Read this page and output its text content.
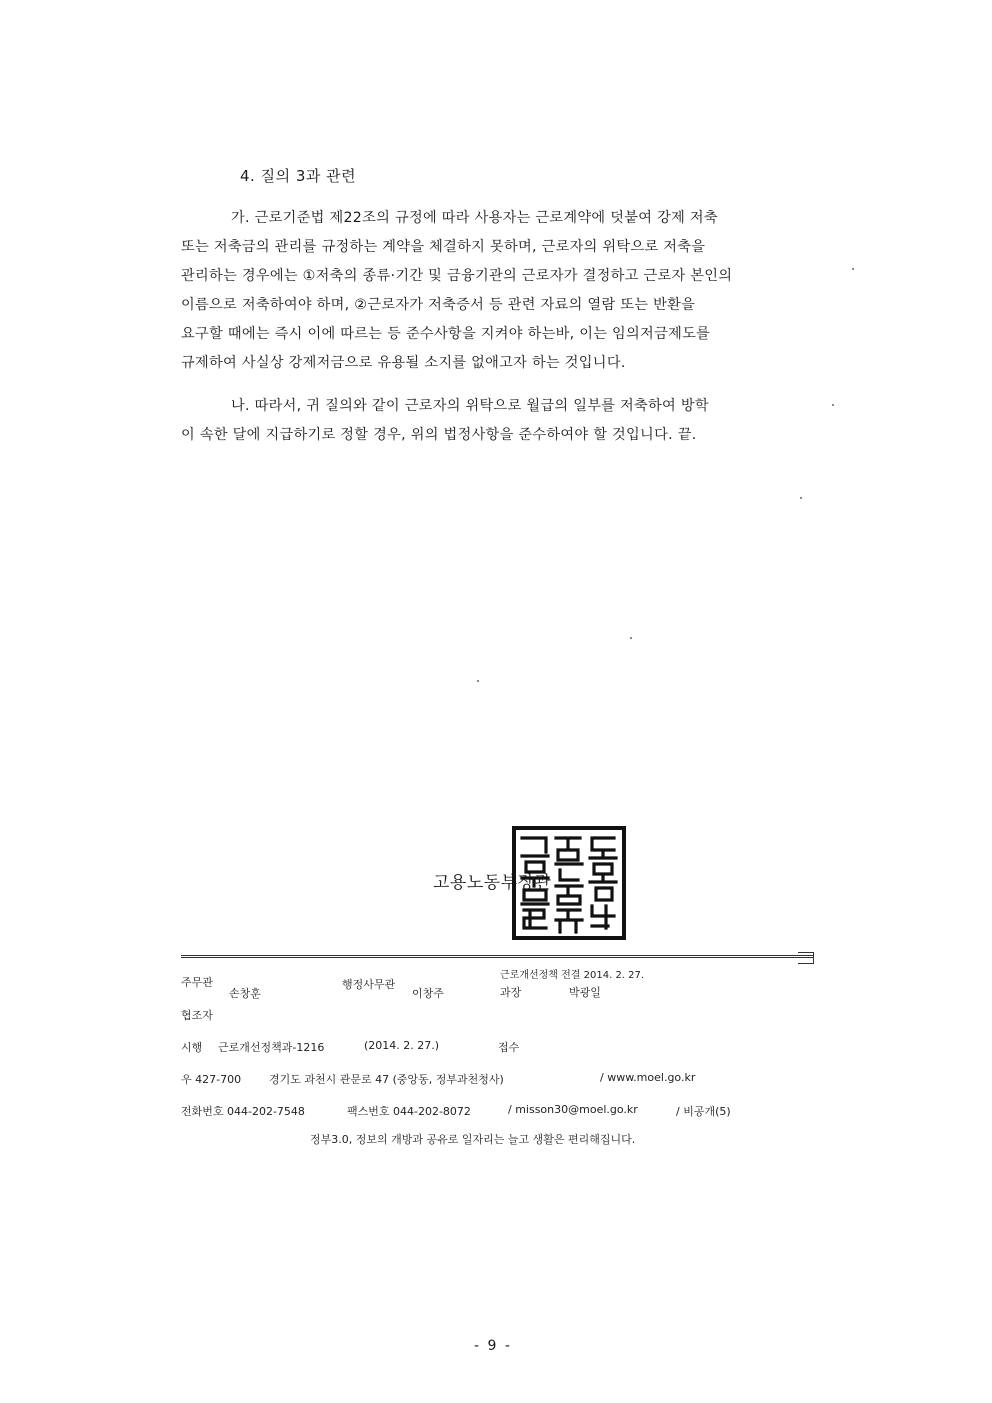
4. 질의 3과 관련
가. 근로기준법 제22조의 규정에 따라 사용자는 근로계약에 덧붙여 강제 저축
또는 저축금의 관리를 규정하는 계약을 체결하지 못하며, 근로자의 위탁으로 저축을
관리하는 경우에는 ①저축의 종류·기간 및 금융기관의 근로자가 결정하고 근로자 본인의
이름으로 저축하여야 하며, ②근로자가 저축증서 등 관련 자료의 열람 또는 반환을
요구할 때에는 즉시 이에 따르는 등 준수사항을 지켜야 하는바, 이는 임의저금제도를
규제하여 사실상 강제저금으로 유용될 소지를 없애고자 하는 것입니다.
나. 따라서, 귀 질의와 같이 근로자의 위탁으로 월급의 일부를 저축하여 방학
이 속한 달에 지급하기로 정할 경우, 위의 법정사항을 준수하여야 할 것입니다. 끝.
고용노동부장관
주무관
손창훈
행정사무관
이창주
근로개선정책 전결 2014. 2. 27.
과장	박광일
협조자
시행 근로개선정책과-1216	(2014. 2. 27.)	접수
우 427-700	경기도 과천시 관문로 47 (중앙동, 정부과천청사)	/ www.moel.go.kr
전화번호 044-202-7548	팩스번호 044-202-8072	/ misson30@moel.go.kr	/ 비공개(5)
정부3.0, 정보의 개방과 공유로 일자리는 늘고 생활은 편리해집니다.
- 9 -
